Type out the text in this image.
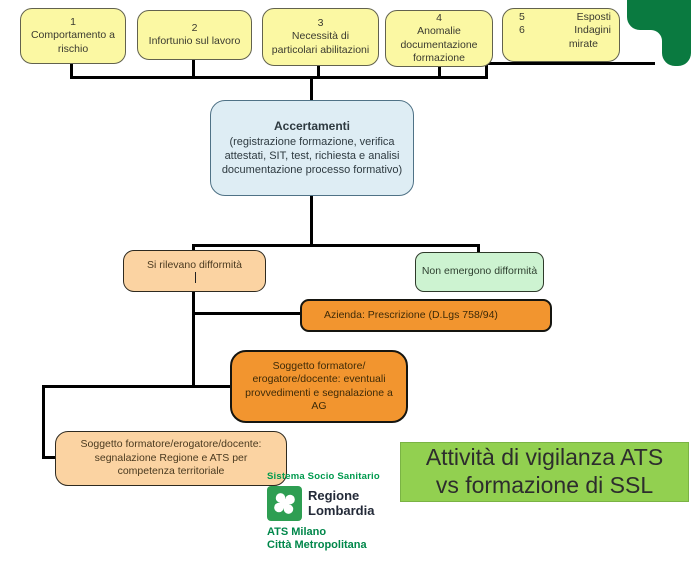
1
Comportamento a
rischio
2
Infortunio sul lavoro
3
Necessità di
particolari abilitazioni
4
Anomalie
documentazione
formazione
5
6
Esposti
Indagini
mirate
Accertamenti
(registrazione formazione, verifica attestati, SIT, test, richiesta e analisi documentazione processo formativo)
Si rilevano difformità
Non emergono difformità
Azienda: Prescrizione (D.Lgs 758/94)
Soggetto formatore/
erogatore/docente: eventuali
provvedimenti e segnalazione a
AG
Soggetto formatore/erogatore/docente:
segnalazione Regione e ATS per
competenza territoriale
Attività di vigilanza ATS
vs formazione di SSL
Sistema Socio Sanitario
Regione
Lombardia
ATS Milano
Città Metropolitana
